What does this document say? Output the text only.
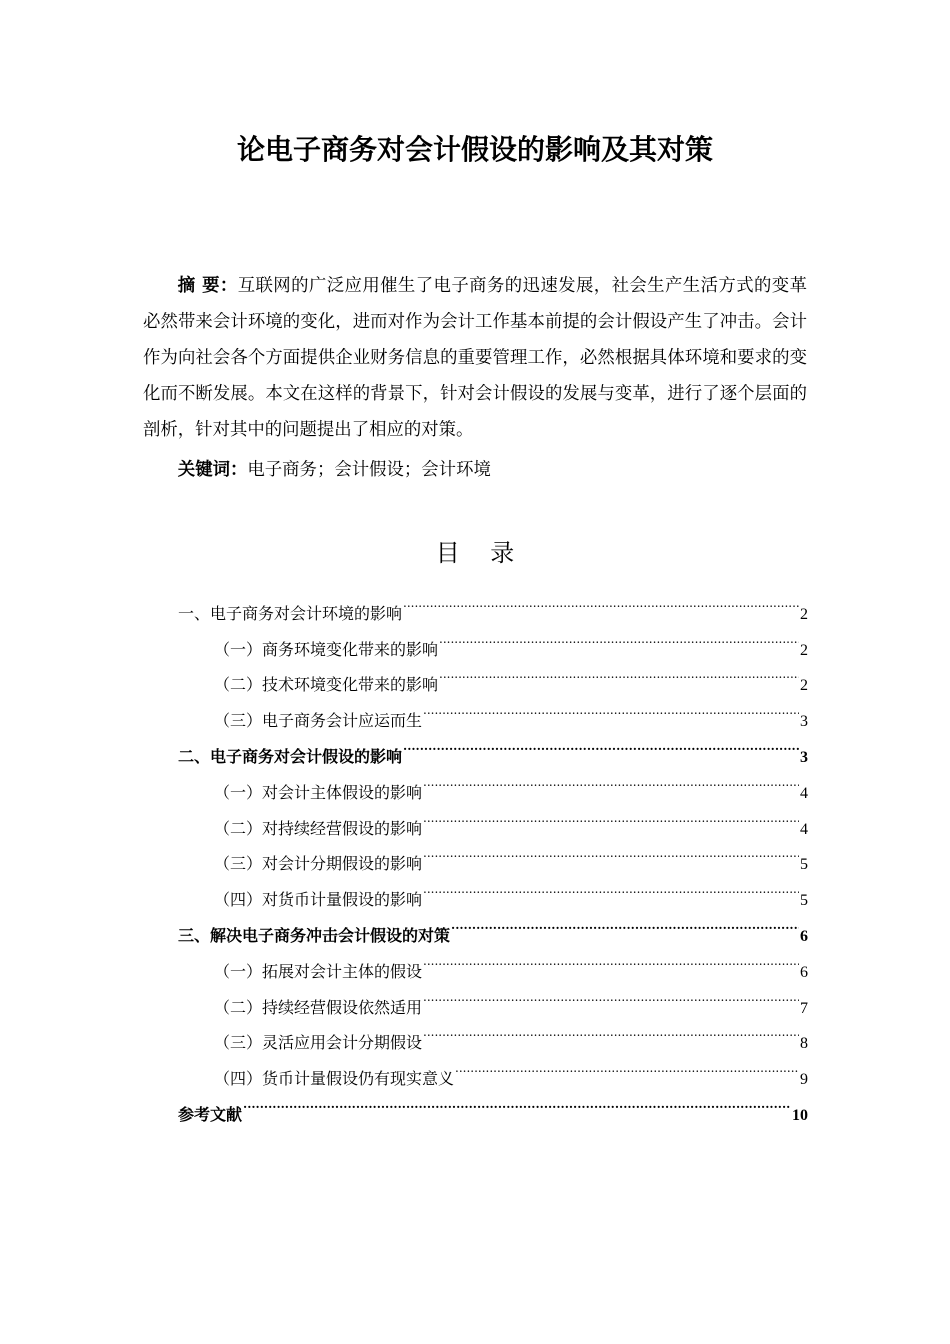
论电子商务对会计假设的影响及其对策
摘 要：互联网的广泛应用催生了电子商务的迅速发展，社会生产生活方式的变革必然带来会计环境的变化，进而对作为会计工作基本前提的会计假设产生了冲击。会计作为向社会各个方面提供企业财务信息的重要管理工作，必然根据具体环境和要求的变化而不断发展。本文在这样的背景下，针对会计假设的发展与变革，进行了逐个层面的剖析，针对其中的问题提出了相应的对策。
关键词：电子商务；会计假设；会计环境
目    录
一、电子商务对会计环境的影响 .....	2
（一）商务环境变化带来的影响 .....	2
（二）技术环境变化带来的影响 .....	2
（三）电子商务会计应运而生 .....	3
二、电子商务对会计假设的影响 .....	3
（一）对会计主体假设的影响 .....	4
（二）对持续经营假设的影响 .....	4
（三）对会计分期假设的影响 .....	5
（四）对货币计量假设的影响 .....	5
三、解决电子商务冲击会计假设的对策 .....	6
（一）拓展对会计主体的假设 .....	6
（二）持续经营假设依然适用 .....	7
（三）灵活应用会计分期假设 .....	8
（四）货币计量假设仍有现实意义 .....	9
参考文献 .....	10
